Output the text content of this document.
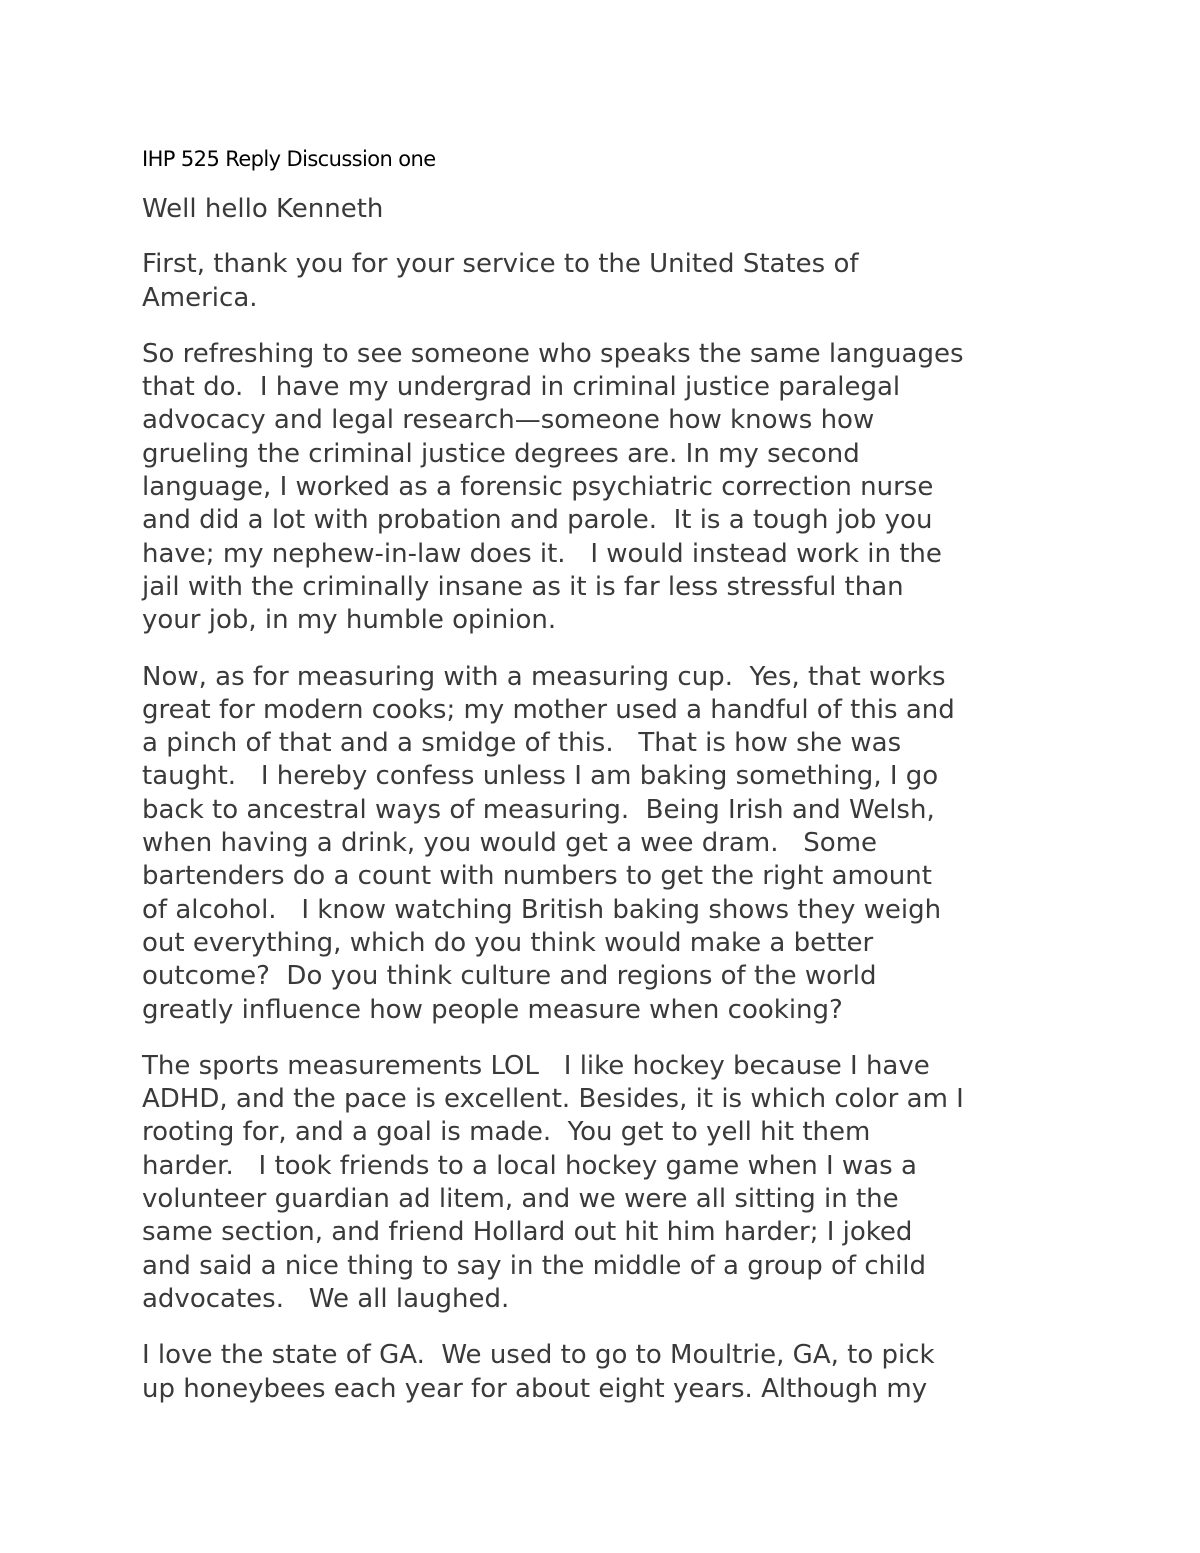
IHP 525 Reply Discussion one

Well hello Kenneth

First, thank you for your service to the United States of
America.

So refreshing to see someone who speaks the same languages
that do.  I have my undergrad in criminal justice paralegal
advocacy and legal research—someone how knows how
grueling the criminal justice degrees are. In my second
language, I worked as a forensic psychiatric correction nurse
and did a lot with probation and parole.  It is a tough job you
have; my nephew-in-law does it.   I would instead work in the
jail with the criminally insane as it is far less stressful than
your job, in my humble opinion.

Now, as for measuring with a measuring cup.  Yes, that works
great for modern cooks; my mother used a handful of this and
a pinch of that and a smidge of this.   That is how she was
taught.   I hereby confess unless I am baking something, I go
back to ancestral ways of measuring.  Being Irish and Welsh,
when having a drink, you would get a wee dram.   Some
bartenders do a count with numbers to get the right amount
of alcohol.   I know watching British baking shows they weigh
out everything, which do you think would make a better
outcome?  Do you think culture and regions of the world
greatly influence how people measure when cooking?

The sports measurements LOL   I like hockey because I have
ADHD, and the pace is excellent. Besides, it is which color am I
rooting for, and a goal is made.  You get to yell hit them
harder.   I took friends to a local hockey game when I was a
volunteer guardian ad litem, and we were all sitting in the
same section, and friend Hollard out hit him harder; I joked
and said a nice thing to say in the middle of a group of child
advocates.   We all laughed.

I love the state of GA.  We used to go to Moultrie, GA, to pick
up honeybees each year for about eight years. Although my
